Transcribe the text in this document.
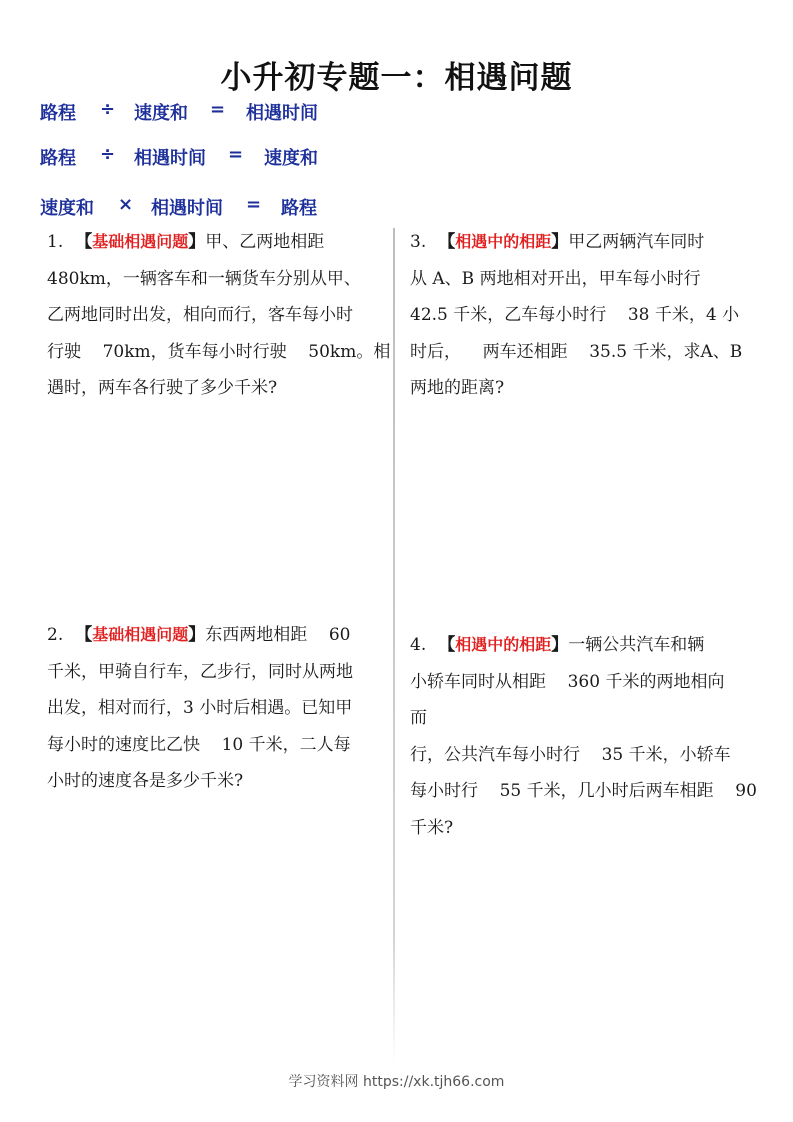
小升初专题一：相遇问题
路程 ÷ 速度和 = 相遇时间
路程 ÷ 相遇时间 = 速度和
速度和 × 相遇时间 = 路程
1. 【基础相遇问题】甲、乙两地相距
480km，一辆客车和一辆货车分别从甲、
乙两地同时出发，相向而行，客车每小时
行驶    70km，货车每小时行驶    50km。相
遇时，两车各行驶了多少千米?
2. 【基础相遇问题】东西两地相距    60
千米，甲骑自行车，乙步行，同时从两地
出发，相对而行，3 小时后相遇。已知甲
每小时的速度比乙快    10 千米，二人每
小时的速度各是多少千米?
3. 【相遇中的相距】甲乙两辆汽车同时
从 A、B 两地相对开出，甲车每小时行
42.5 千米，乙车每小时行    38 千米，4 小
时后，    两车还相距    35.5 千米，求A、B
两地的距离?
4. 【相遇中的相距】一辆公共汽车和辆
小轿车同时从相距    360 千米的两地相向
而
行，公共汽车每小时行    35 千米，小轿车
每小时行    55 千米，几小时后两车相距    90
千米?
学习资料网 https://xk.tjh66.com
